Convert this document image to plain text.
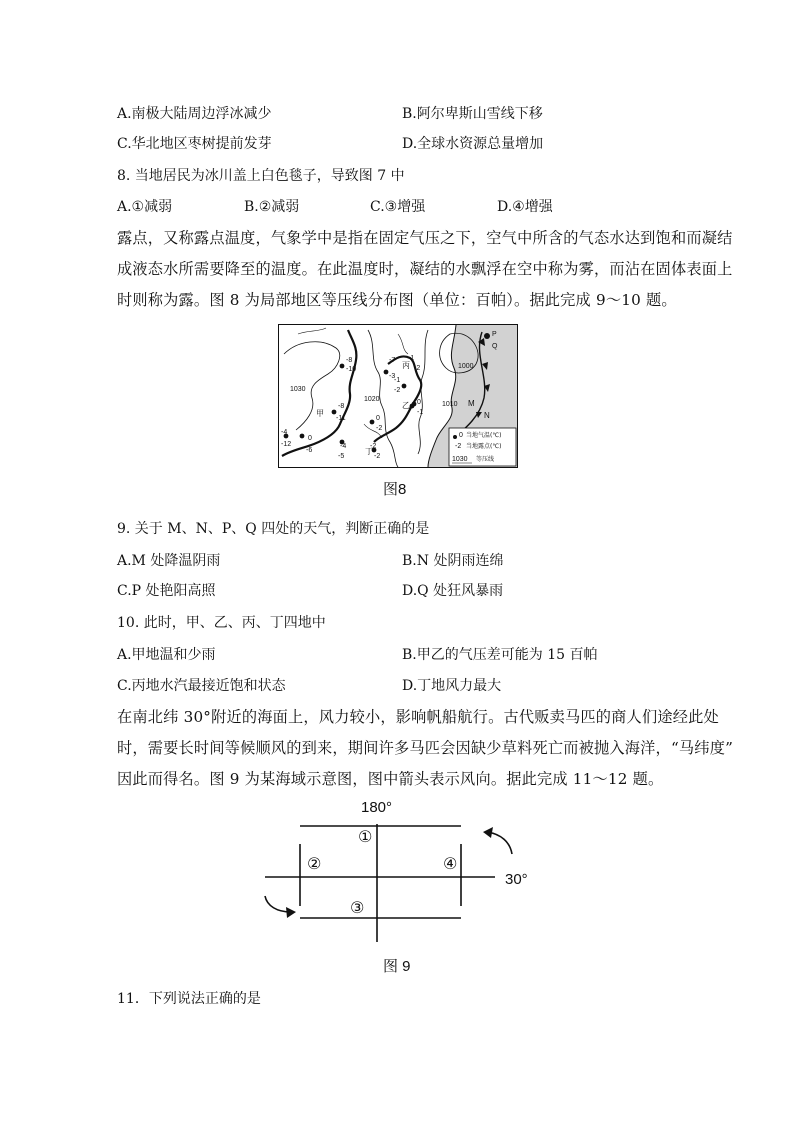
A.南极大陆周边浮冰减少	B.阿尔卑斯山雪线下移
C.华北地区枣树提前发芽	D.全球水资源总量增加
8. 当地居民为冰川盖上白色毯子，导致图 7 中
A.①减弱	B.②减弱	C.③增强	D.④增强
露点，又称露点温度，气象学中是指在固定气压之下，空气中所含的气态水达到饱和而凝结
成液态水所需要降至的温度。在此温度时，凝结的水飘浮在空中称为雾，而沾在固体表面上
时则称为露。图 8 为局部地区等压线分布图（单位：百帕）。据此完成 9～10 题。
-8
-10
-7
-3
-1
-2
-1
-2
-8
-11
0
-1
-4
-12
0
-6
-4
-5
0
-2
-2
-2
甲
乙
丙
丁
1030
1020
1010
1000
M
N
P
Q
0 当地气温(℃)
-2 当地露点(℃)
1030 等压线
图8
9. 关于 M、N、P、Q 四处的天气，判断正确的是
A.M 处降温阴雨	B.N 处阴雨连绵
C.P 处艳阳高照	D.Q 处狂风暴雨
10. 此时，甲、乙、丙、丁四地中
A.甲地温和少雨	B.甲乙的气压差可能为 15 百帕
C.丙地水汽最接近饱和状态	D.丁地风力最大
在南北纬 30°附近的海面上，风力较小，影响帆船航行。古代贩卖马匹的商人们途经此处
时，需要长时间等候顺风的到来，期间许多马匹会因缺少草料死亡而被抛入海洋，“马纬度”
因此而得名。图 9 为某海域示意图，图中箭头表示风向。据此完成 11～12 题。
180°
30°
①
②
③
④
图 9
11．下列说法正确的是
